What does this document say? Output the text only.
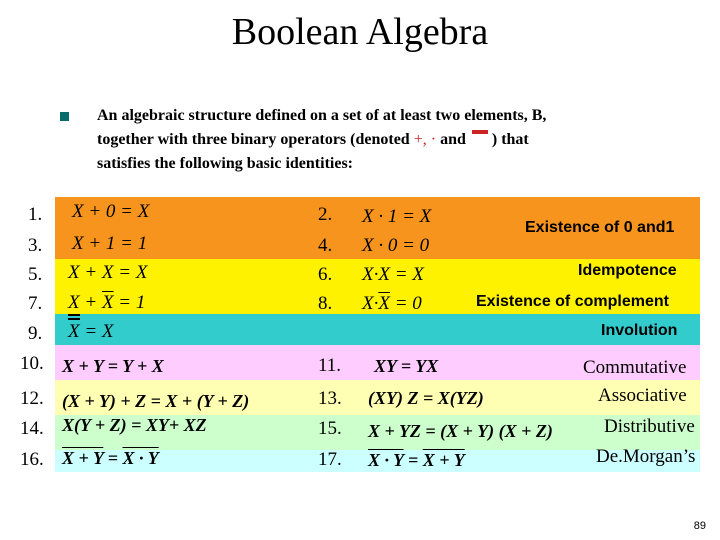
Boolean Algebra
An algebraic structure defined on a set of at least two elements, B,
together with three binary operators (denoted +, · and  ) that
satisfies the following basic identities:
1. X + 0 = X	2. X · 1 = X
Existence of 0 and1
3. X + 1 = 1	4. X · 0 = 0
5. X + X = X	6. X·X = X	Idempotence
7. $X + \overline{X} = 1$	8. $X\cdot\overline{X} = 0$	Existence of complement
9. X = X	Involution
10. X + Y = Y + X	11. XY = YX	Commutative
12. (X + Y) + Z = X + (Y + Z)	13. (XY) Z = X(YZ)	Associative
14. X(Y + Z) = XY+ XZ	15. X + YZ = (X + Y) (X + Z)	Distributive
16. X + Y = X · Y	17. X · Y = X + Y	De.Morgan’s
89
